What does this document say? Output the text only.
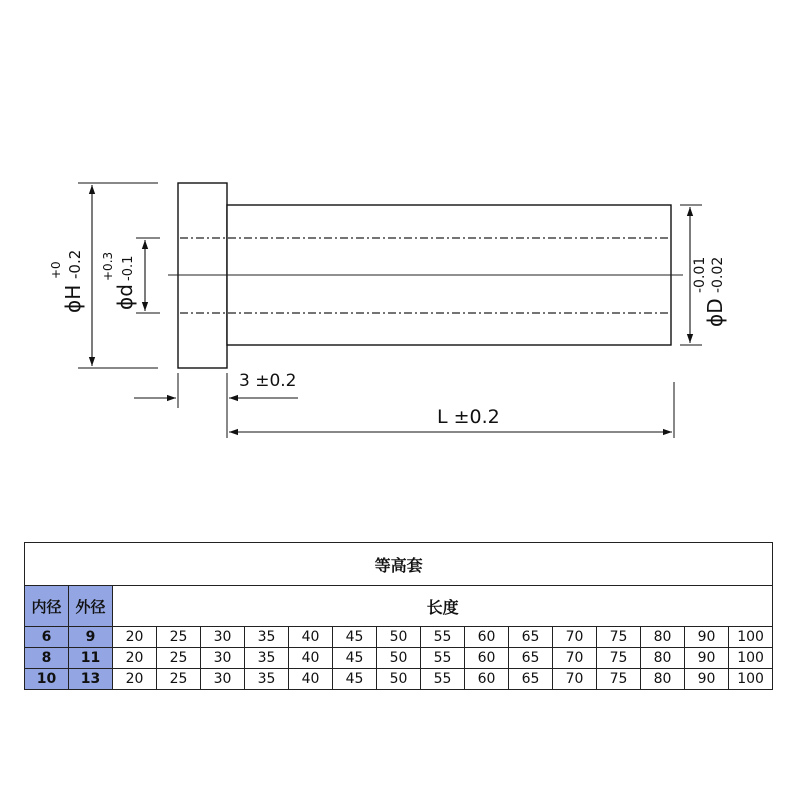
ϕH
+0 -0.2
ϕd
+0.3 -0.1
ϕD
-0.01 -0.02
3 ±0.2
L ±0.2
等高套																
内径	外径	长度														
6	9	20	25	30	35	40	45	50	55	60	65	70	75	80	90	100
8	11	20	25	30	35	40	45	50	55	60	65	70	75	80	90	100
10	13	20	25	30	35	40	45	50	55	60	65	70	75	80	90	100
